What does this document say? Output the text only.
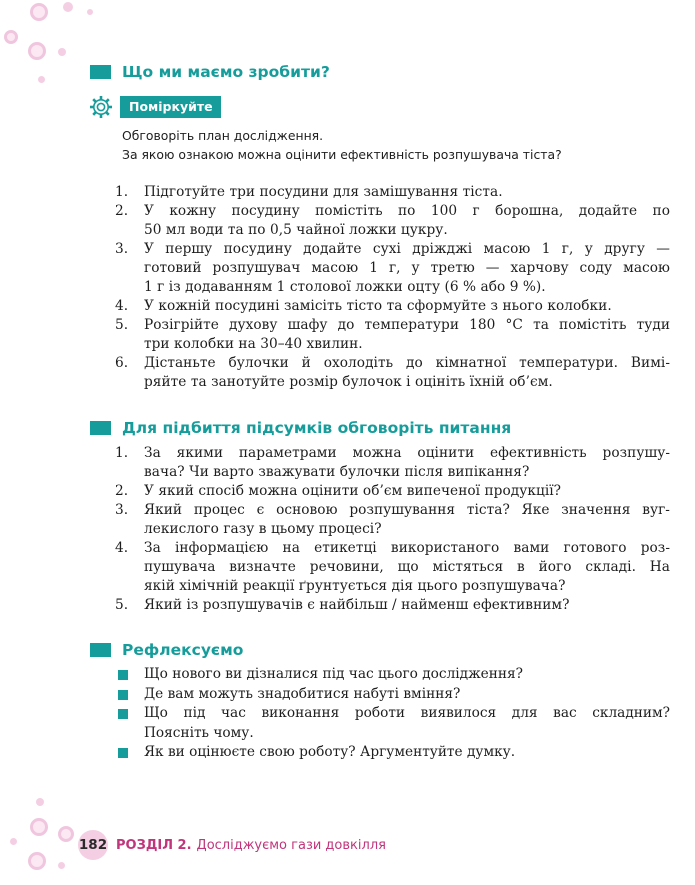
Що ми маємо зробити?
Поміркуйте
Обговоріть план дослідження.
За якою ознакою можна оцінити ефективність розпушувача тіста?
1. Підготуйте три посудини для замішування тіста.
2. У кожну посудину помістіть по 100 г борошна, додайте по
50 мл води та по 0,5 чайної ложки цукру.
3. У першу посудину додайте сухі дріжджі масою 1 г, у другу —
готовий розпушувач масою 1 г, у третю — харчову соду масою
1 г із додаванням 1 столової ложки оцту (6 % або 9 %).
4. У кожній посудині замісіть тісто та сформуйте з нього колобки.
5. Розігрійте духову шафу до температури 180 °С та помістіть туди
три колобки на 30–40 хвилин.
6. Дістаньте булочки й охолодіть до кімнатної температури. Вимі-
ряйте та занотуйте розмір булочок і оцініть їхній об’єм.
Для підбиття підсумків обговоріть питання
1. За якими параметрами можна оцінити ефективність розпушу-
вача? Чи варто зважувати булочки після випікання?
2. У який спосіб можна оцінити об’єм випеченої продукції?
3. Який процес є основою розпушування тіста? Яке значення вуг-
лекислого газу в цьому процесі?
4. За інформацією на етикетці використаного вами готового роз-
пушувача визначте речовини, що містяться в його складі. На
якій хімічній реакції ґрунтується дія цього розпушувача?
5. Який із розпушувачів є найбільш / найменш ефективним?
Рефлексуємо
Що нового ви дізналися під час цього дослідження?
Де вам можуть знадобитися набуті вміння?
Що під час виконання роботи виявилося для вас складним?
Поясніть чому.
Як ви оцінюєте свою роботу? Аргументуйте думку.
182 РОЗДІЛ 2. Досліджуємо гази довкілля
